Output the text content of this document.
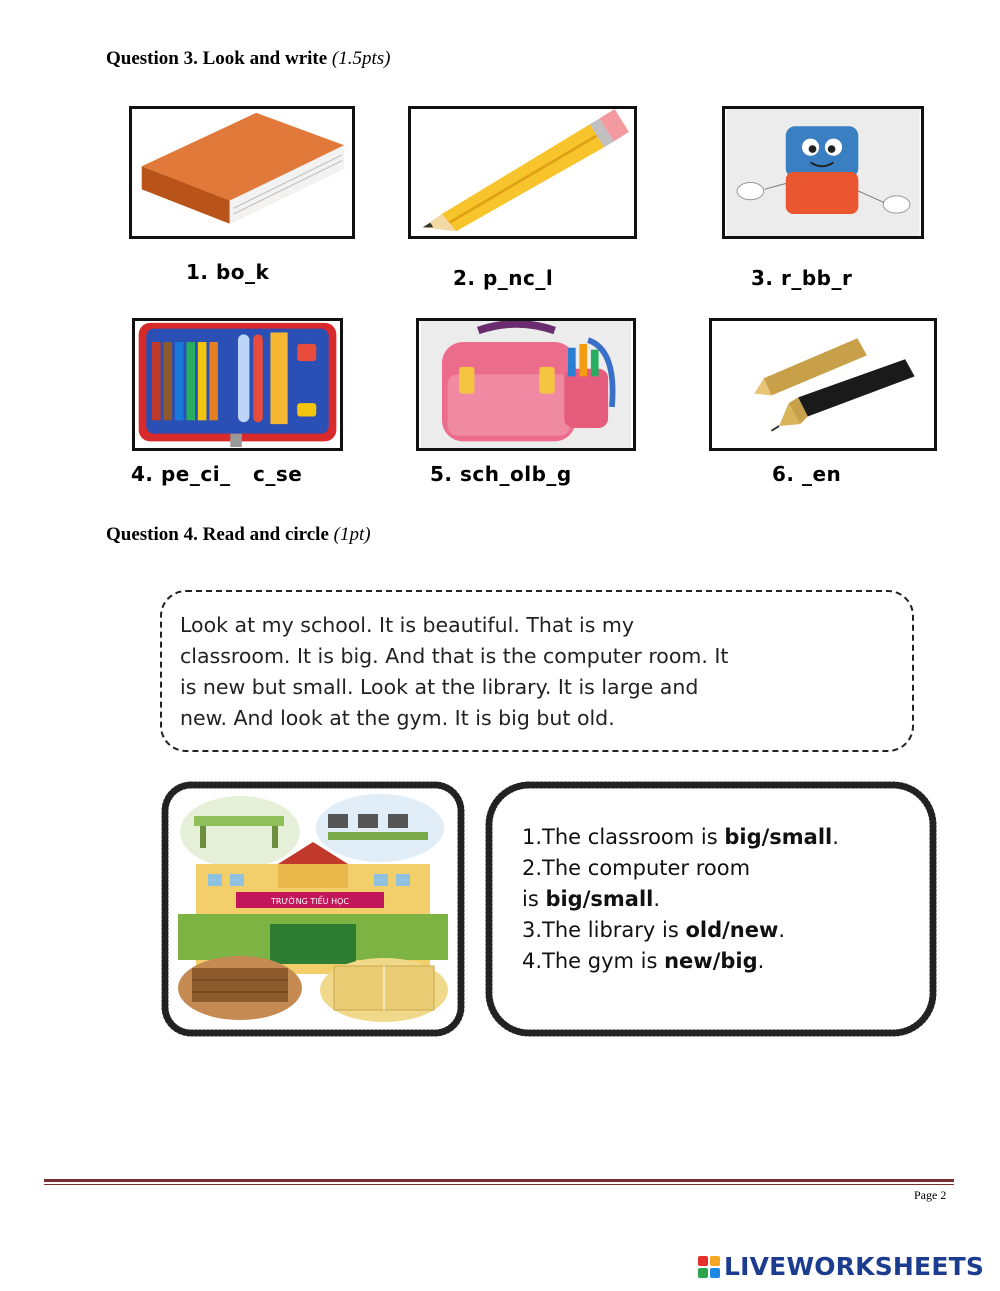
Question 3. Look and write (1.5pts)
1. bo_k	2. p_nc_l	3. r_bb_r
4. pe_ci_   c_se	5. sch_olb_g	6. _en
Question 4. Read and circle (1pt)
Look at my school. It is beautiful. That is my
classroom. It is big. And that is the computer room. It
is new but small. Look at the library. It is large and
new. And look at the gym. It is big but old.
TRƯỜNG TIỂU HỌC
1.The classroom is big/small.
2.The computer room
is big/small.
3.The library is old/new.
4.The gym is new/big.
Page 2
LIVEWORKSHEETS
